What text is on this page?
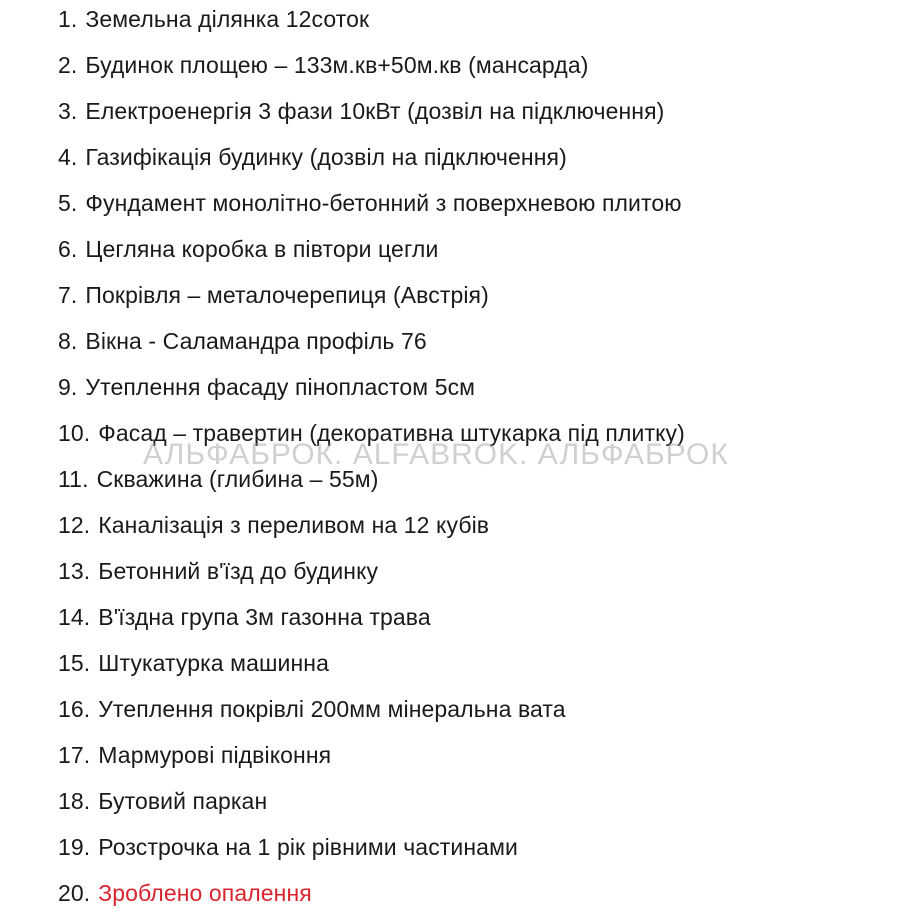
1. Земельна ділянка 12соток
2. Будинок площею – 133м.кв+50м.кв (мансарда)
3. Електроенергія 3 фази 10кВт (дозвіл на підключення)
4. Газифікація будинку (дозвіл на підключення)
5. Фундамент монолітно-бетонний з поверхневою плитою
6. Цегляна коробка в півтори цегли
7. Покрівля – металочерепиця (Австрія)
8. Вікна - Саламандра профіль 76
9. Утеплення фасаду пінопластом 5см
10. Фасад – травертин (декоративна штукарка під плитку)
11. Скважина (глибина – 55м)
12. Каналізація з переливом на 12 кубів
13. Бетонний в'їзд до будинку
14. В'їздна група 3м газонна трава
15. Штукатурка машинна
16. Утеплення покрівлі 200мм мінеральна вата
17. Мармурові підвіконня
18. Бутовий паркан
19. Розстрочка на 1 рік рівними частинами
20. Зроблено опалення
АЛЬФАБРОК. ALFABROK. АЛЬФАБРОК
